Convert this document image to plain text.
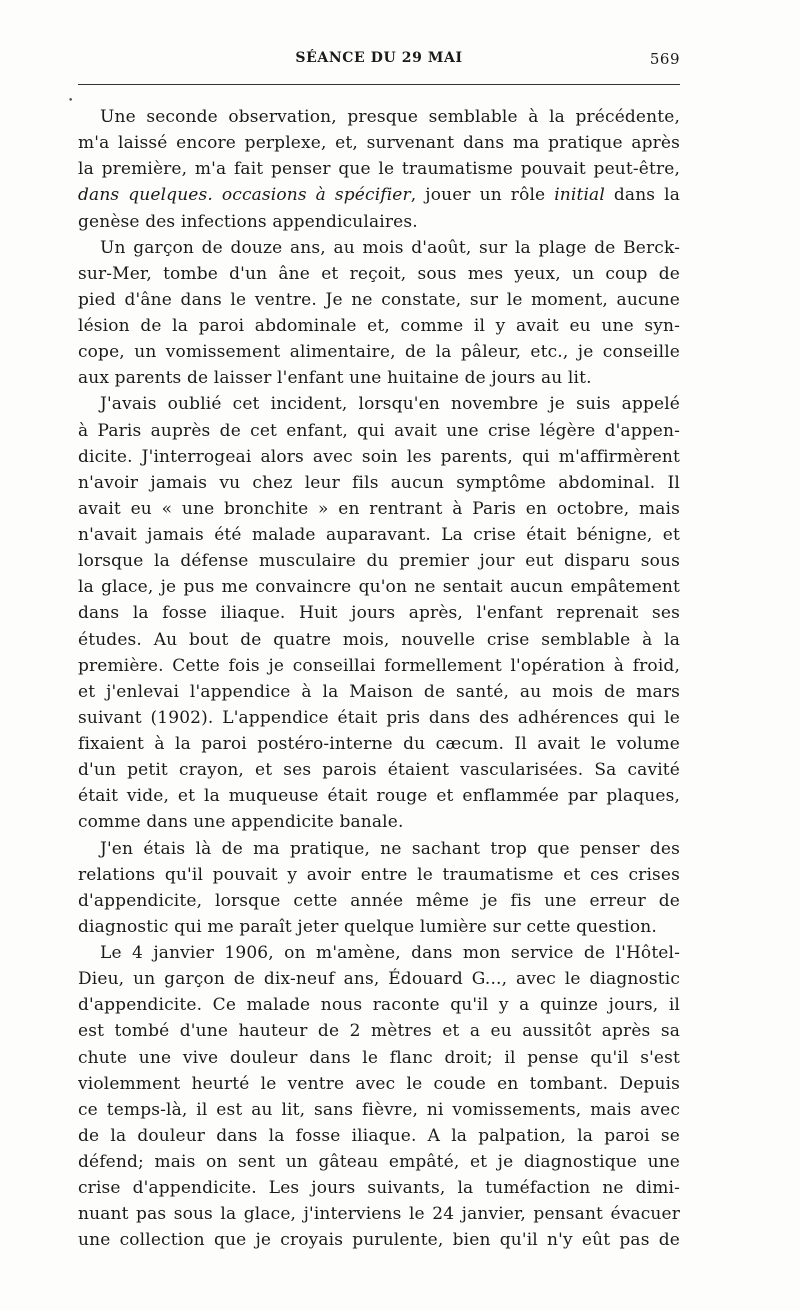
SÉANCE DU 29 MAI	569
•
Une seconde observation, presque semblable à la précédente,
m'a laissé encore perplexe, et, survenant dans ma pratique après
la première, m'a fait penser que le traumatisme pouvait peut-être,
dans quelques. occasions à spécifier, jouer un rôle initial dans la
genèse des infections appendiculaires.
Un garçon de douze ans, au mois d'août, sur la plage de Berck-
sur-Mer, tombe d'un âne et reçoit, sous mes yeux, un coup de
pied d'âne dans le ventre. Je ne constate, sur le moment, aucune
lésion de la paroi abdominale et, comme il y avait eu une syn-
cope, un vomissement alimentaire, de la pâleur, etc., je conseille
aux parents de laisser l'enfant une huitaine de jours au lit.
J'avais oublié cet incident, lorsqu'en novembre je suis appelé
à Paris auprès de cet enfant, qui avait une crise légère d'appen-
dicite. J'interrogeai alors avec soin les parents, qui m'affirmèrent
n'avoir jamais vu chez leur fils aucun symptôme abdominal. Il
avait eu « une bronchite » en rentrant à Paris en octobre, mais
n'avait jamais été malade auparavant. La crise était bénigne, et
lorsque la défense musculaire du premier jour eut disparu sous
la glace, je pus me convaincre qu'on ne sentait aucun empâtement
dans la fosse iliaque. Huit jours après, l'enfant reprenait ses
études. Au bout de quatre mois, nouvelle crise semblable à la
première. Cette fois je conseillai formellement l'opération à froid,
et j'enlevai l'appendice à la Maison de santé, au mois de mars
suivant (1902). L'appendice était pris dans des adhérences qui le
fixaient à la paroi postéro-interne du cæcum. Il avait le volume
d'un petit crayon, et ses parois étaient vascularisées. Sa cavité
était vide, et la muqueuse était rouge et enflammée par plaques,
comme dans une appendicite banale.
J'en étais là de ma pratique, ne sachant trop que penser des
relations qu'il pouvait y avoir entre le traumatisme et ces crises
d'appendicite, lorsque cette année même je fis une erreur de
diagnostic qui me paraît jeter quelque lumière sur cette question.
Le 4 janvier 1906, on m'amène, dans mon service de l'Hôtel-
Dieu, un garçon de dix-neuf ans, Édouard G..., avec le diagnostic
d'appendicite. Ce malade nous raconte qu'il y a quinze jours, il
est tombé d'une hauteur de 2 mètres et a eu aussitôt après sa
chute une vive douleur dans le flanc droit; il pense qu'il s'est
violemment heurté le ventre avec le coude en tombant. Depuis
ce temps-là, il est au lit, sans fièvre, ni vomissements, mais avec
de la douleur dans la fosse iliaque. A la palpation, la paroi se
défend; mais on sent un gâteau empâté, et je diagnostique une
crise d'appendicite. Les jours suivants, la tuméfaction ne dimi-
nuant pas sous la glace, j'interviens le 24 janvier, pensant évacuer
une collection que je croyais purulente, bien qu'il n'y eût pas de
